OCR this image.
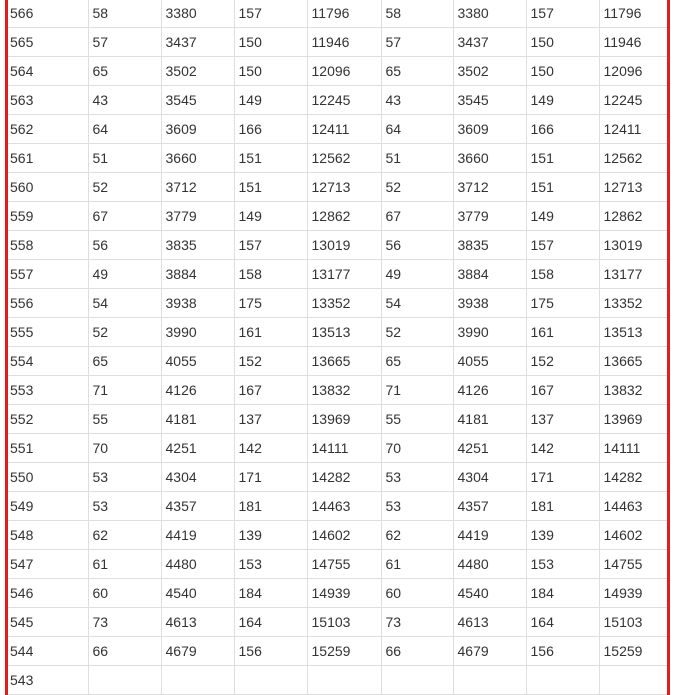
566	58	3380	157	11796	58	3380	157	11796
565	57	3437	150	11946	57	3437	150	11946
564	65	3502	150	12096	65	3502	150	12096
563	43	3545	149	12245	43	3545	149	12245
562	64	3609	166	12411	64	3609	166	12411
561	51	3660	151	12562	51	3660	151	12562
560	52	3712	151	12713	52	3712	151	12713
559	67	3779	149	12862	67	3779	149	12862
558	56	3835	157	13019	56	3835	157	13019
557	49	3884	158	13177	49	3884	158	13177
556	54	3938	175	13352	54	3938	175	13352
555	52	3990	161	13513	52	3990	161	13513
554	65	4055	152	13665	65	4055	152	13665
553	71	4126	167	13832	71	4126	167	13832
552	55	4181	137	13969	55	4181	137	13969
551	70	4251	142	14111	70	4251	142	14111
550	53	4304	171	14282	53	4304	171	14282
549	53	4357	181	14463	53	4357	181	14463
548	62	4419	139	14602	62	4419	139	14602
547	61	4480	153	14755	61	4480	153	14755
546	60	4540	184	14939	60	4540	184	14939
545	73	4613	164	15103	73	4613	164	15103
544	66	4679	156	15259	66	4679	156	15259
543								
